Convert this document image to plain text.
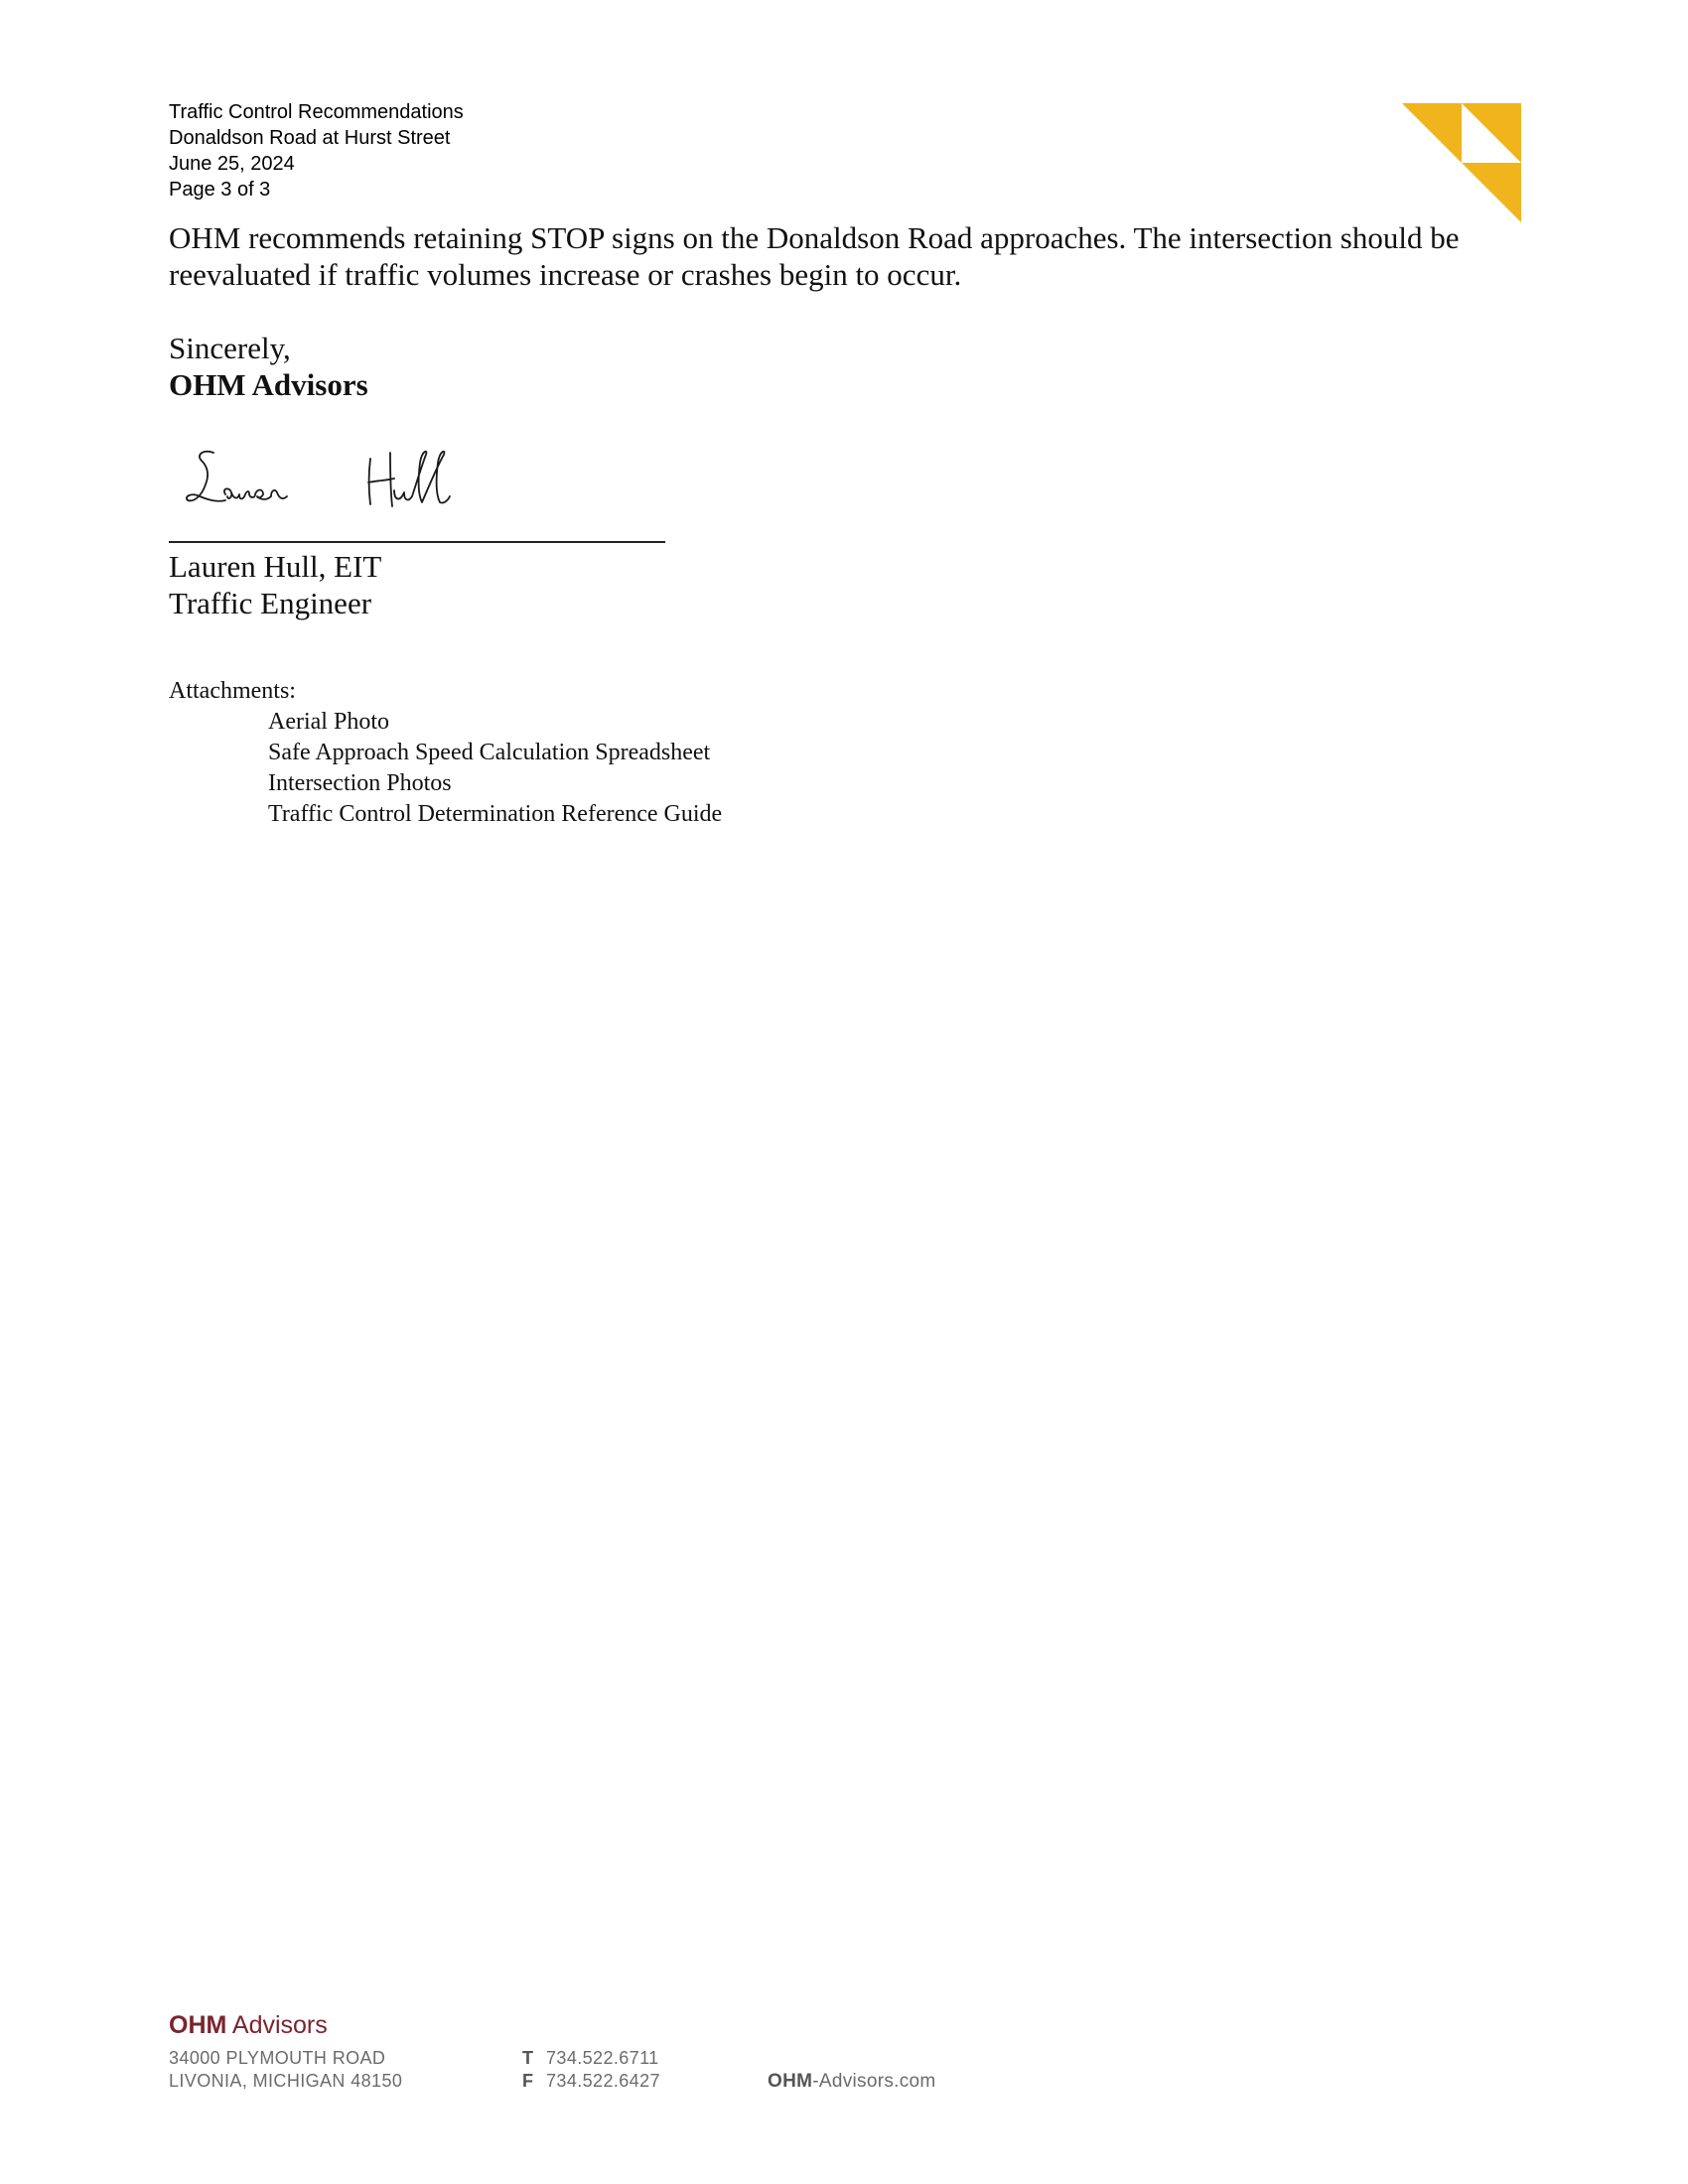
Traffic Control Recommendations
Donaldson Road at Hurst Street
June 25, 2024
Page 3 of 3
OHM recommends retaining STOP signs on the Donaldson Road approaches. The intersection should be reevaluated if traffic volumes increase or crashes begin to occur.
Sincerely,
OHM Advisors
Lauren Hull, EIT
Traffic Engineer
Attachments:
Aerial Photo
Safe Approach Speed Calculation Spreadsheet
Intersection Photos
Traffic Control Determination Reference Guide
OHM Advisors
34000 PLYMOUTH ROAD
LIVONIA, MICHIGAN 48150
T 734.522.6711
F 734.522.6427	OHM-Advisors.com
